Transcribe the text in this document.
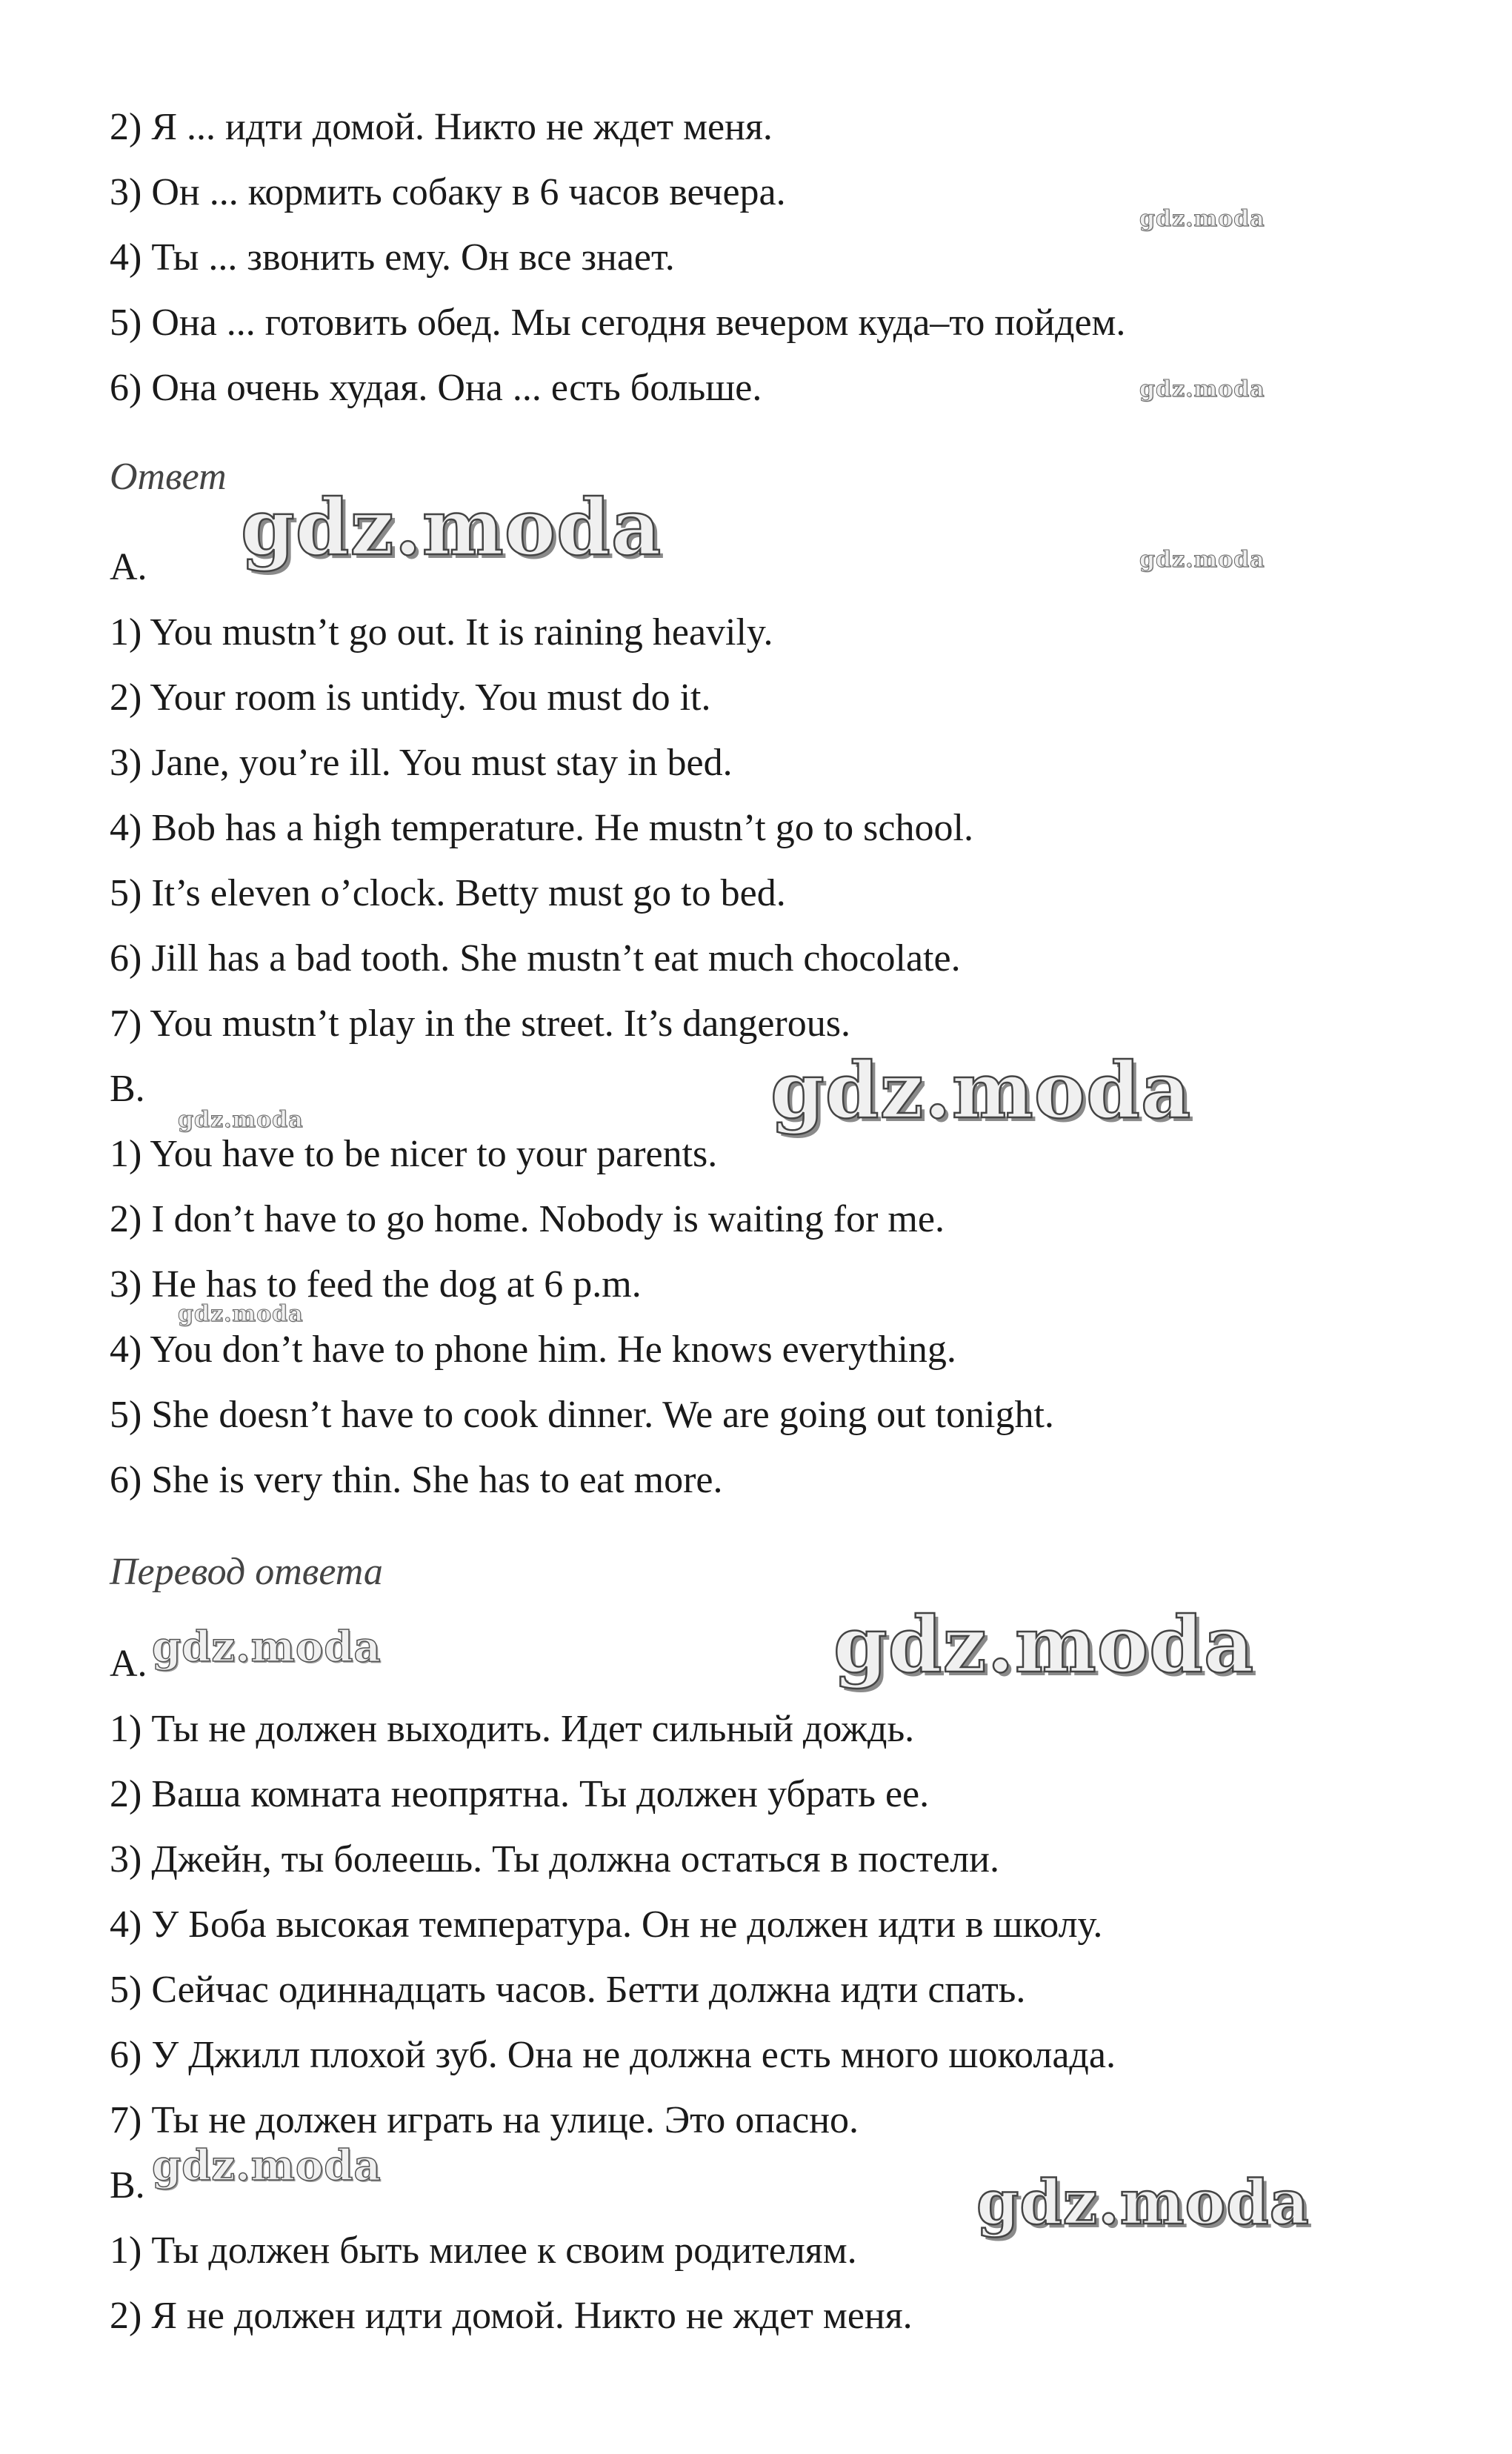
2) Я ... идти домой. Никто не ждет меня.
3) Он ... кормить собаку в 6 часов вечера.
4) Ты ... звонить ему. Он все знает.
5) Она ... готовить обед. Мы сегодня вечером куда–то пойдем.
6) Она очень худая. Она ... есть больше.
Ответ
A.
1) You mustn’t go out. It is raining heavily.
2) Your room is untidy. You must do it.
3) Jane, you’re ill. You must stay in bed.
4) Bob has a high temperature. He mustn’t go to school.
5) It’s eleven o’clock. Betty must go to bed.
6) Jill has a bad tooth. She mustn’t eat much chocolate.
7) You mustn’t play in the street. It’s dangerous.
B.
1) You have to be nicer to your parents.
2) I don’t have to go home. Nobody is waiting for me.
3) He has to feed the dog at 6 p.m.
4) You don’t have to phone him. He knows everything.
5) She doesn’t have to cook dinner. We are going out tonight.
6) She is very thin. She has to eat more.
Перевод ответа
A.
1) Ты не должен выходить. Идет сильный дождь.
2) Ваша комната неопрятна. Ты должен убрать ее.
3) Джейн, ты болеешь. Ты должна остаться в постели.
4) У Боба высокая температура. Он не должен идти в школу.
5) Сейчас одиннадцать часов. Бетти должна идти спать.
6) У Джилл плохой зуб. Она не должна есть много шоколада.
7) Ты не должен играть на улице. Это опасно.
B.
1) Ты должен быть милее к своим родителям.
2) Я не должен идти домой. Никто не ждет меня.
gdz.moda
gdz.moda
gdz.moda	gdz.moda
gdz.moda
gdz.moda
gdz.moda
gdz.moda	gdz.moda
gdz.moda
gdz.moda
